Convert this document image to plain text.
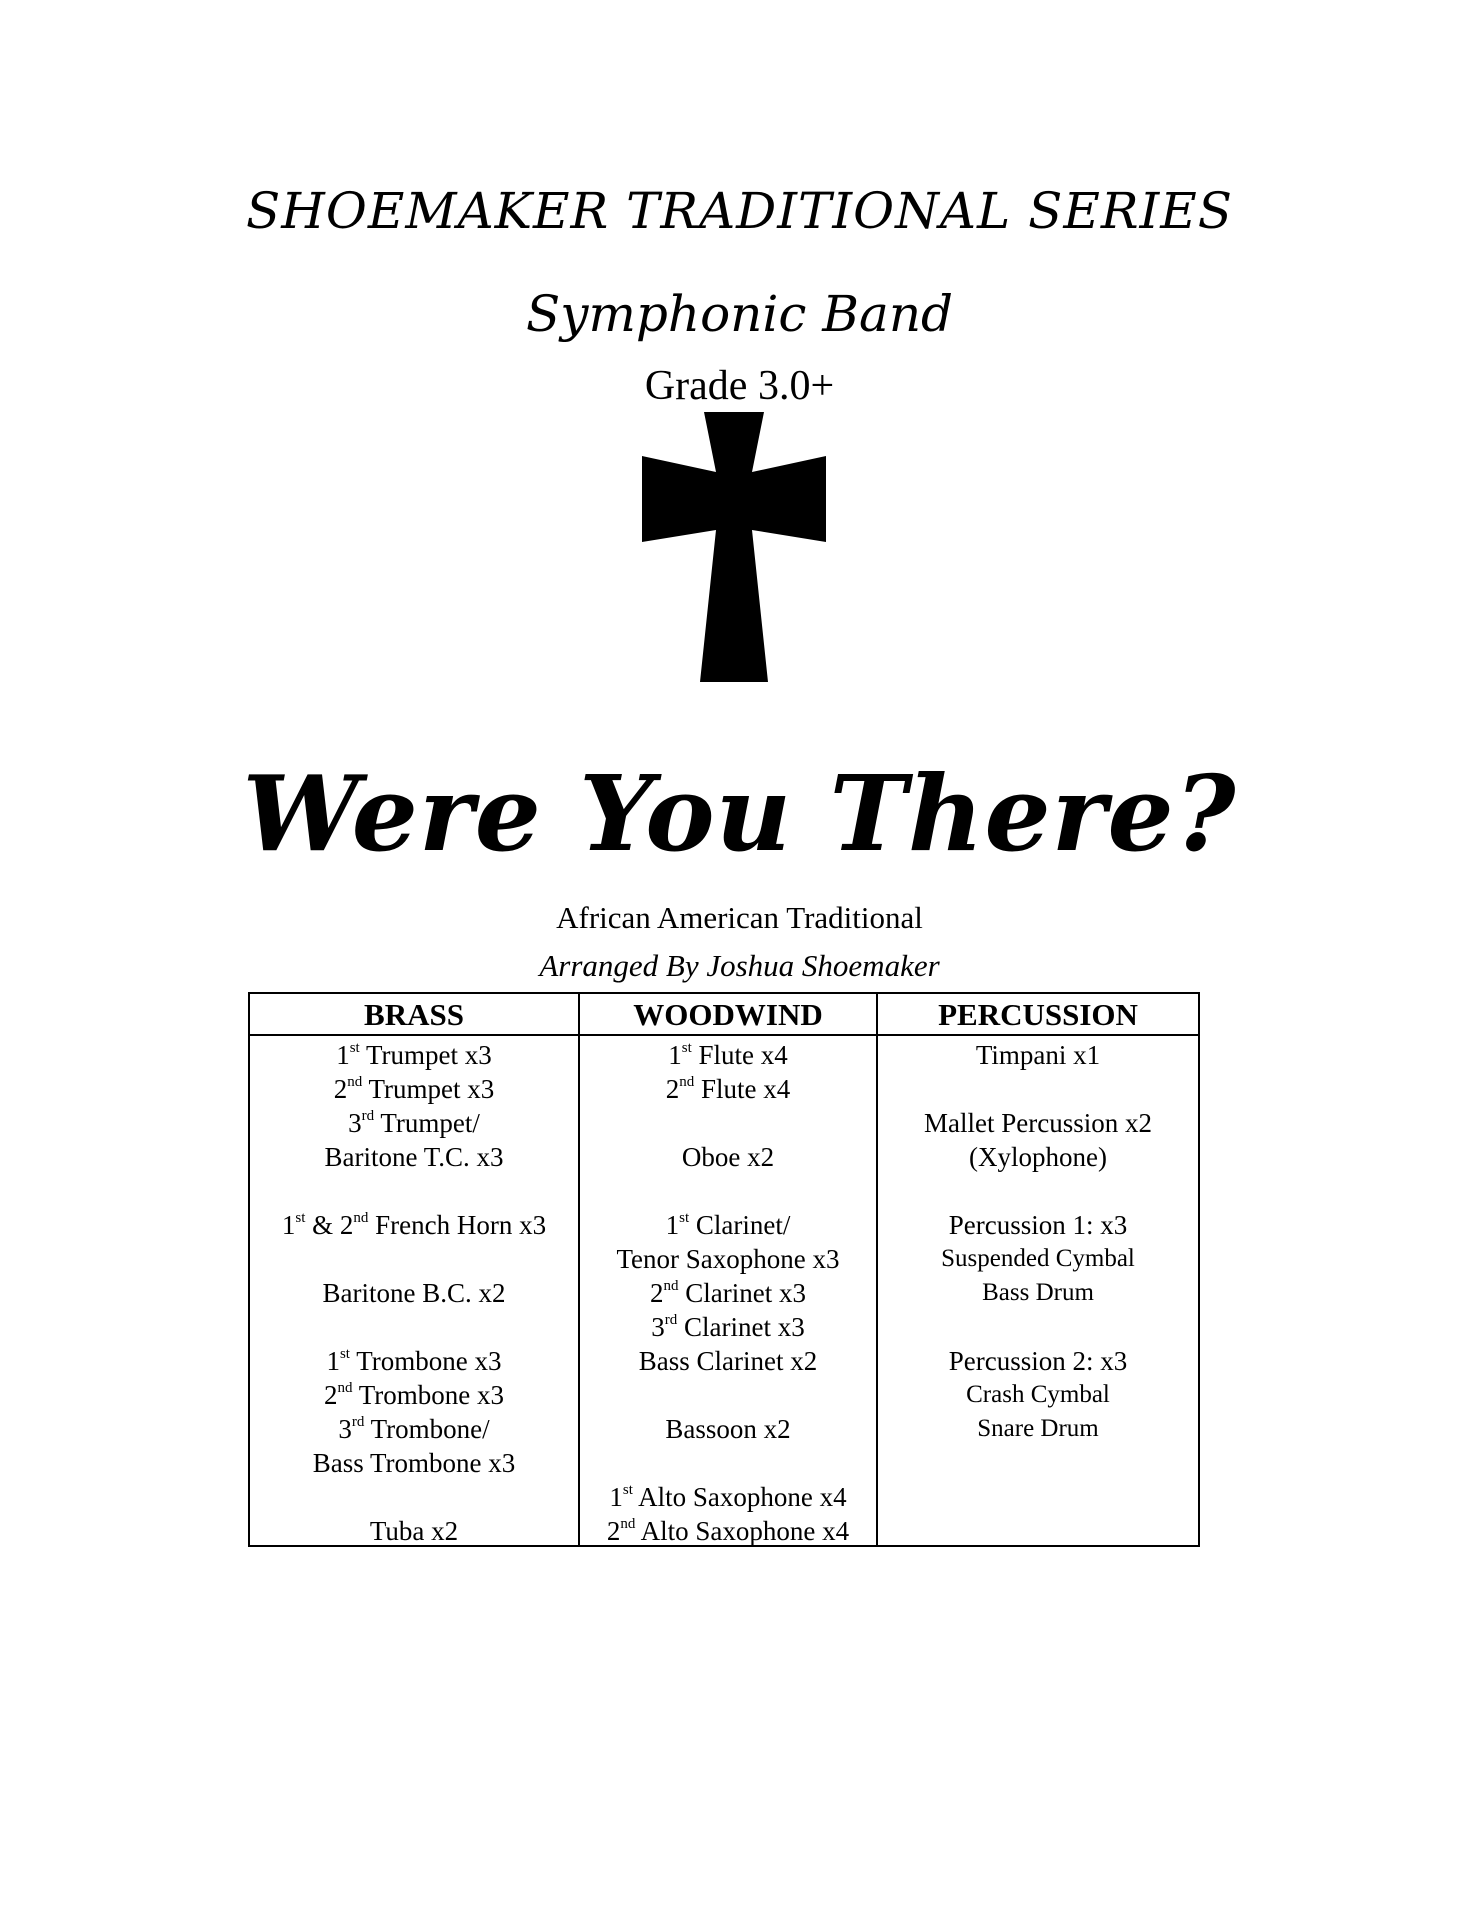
SHOEMAKER TRADITIONAL SERIES
Symphonic Band
Grade 3.0+
Were You There?
African American Traditional
Arranged By Joshua Shoemaker
BRASS
1st Trumpet x3
2nd Trumpet x3
3rd Trumpet/
Baritone T.C. x3

1st & 2nd French Horn x3

Baritone B.C. x2

1st Trombone x3
2nd Trombone x3
3rd Trombone/
Bass Trombone x3

Tuba x2
WOODWIND
1st Flute x4
2nd Flute x4

Oboe x2

1st Clarinet/
Tenor Saxophone x3
2nd Clarinet x3
3rd Clarinet x3
Bass Clarinet x2

Bassoon x2

1st Alto Saxophone x4
2nd Alto Saxophone x4
PERCUSSION
Timpani x1

Mallet Percussion x2
(Xylophone)

Percussion 1: x3
Suspended Cymbal
Bass Drum

Percussion 2: x3
Crash Cymbal
Snare Drum
